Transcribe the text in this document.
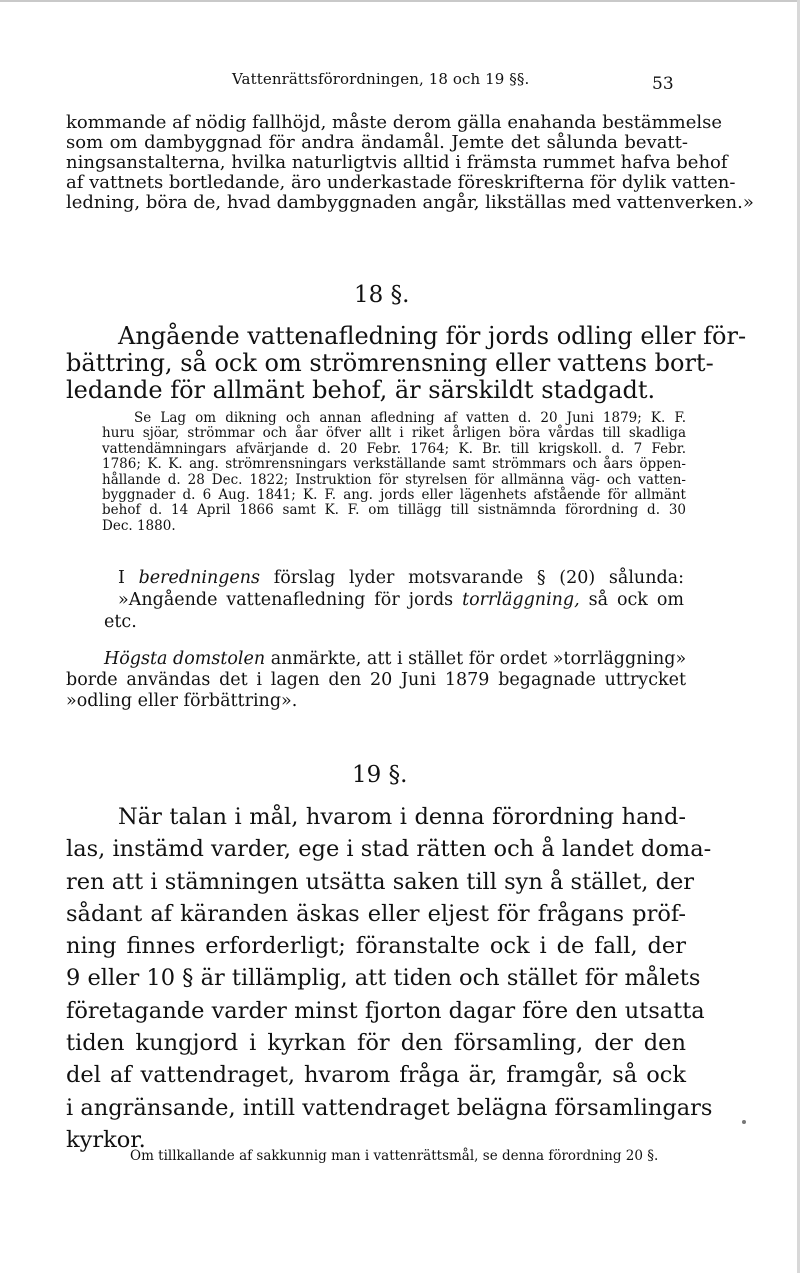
Vattenrättsförordningen, 18 och 19 §§.	53
kommande af nödig fallhöjd, måste derom gälla enahanda bestämmelse
som om dambyggnad för andra ändamål. Jemte det sålunda bevatt-
ningsanstalterna, hvilka naturligtvis alltid i främsta rummet hafva behof
af vattnets bortledande, äro underkastade föreskrifterna för dylik vatten-
ledning, böra de, hvad dambyggnaden angår, likställas med vattenverken.»
18 §.
Angående vattenafledning för jords odling eller för-
bättring, så ock om strömrensning eller vattens bort-
ledande för allmänt behof, är särskildt stadgadt.
Se Lag om dikning och annan afledning af vatten d. 20 Juni 1879; K. F.
huru sjöar, strömmar och åar öfver allt i riket årligen böra vårdas till skadliga
vattendämningars afvärjande d. 20 Febr. 1764; K. Br. till krigskoll. d. 7 Febr.
1786; K. K. ang. strömrensningars verkställande samt strömmars och åars öppen-
hållande d. 28 Dec. 1822; Instruktion för styrelsen för allmänna väg- och vatten-
byggnader d. 6 Aug. 1841; K. F. ang. jords eller lägenhets afstående för allmänt
behof d. 14 April 1866 samt K. F. om tillägg till sistnämnda förordning d. 30
Dec. 1880.
I beredningens förslag lyder motsvarande § (20) sålunda:
»Angående vattenafledning för jords torrläggning, så ock om
etc.
Högsta domstolen anmärkte, att i stället för ordet »torrläggning»
borde användas det i lagen den 20 Juni 1879 begagnade uttrycket
»odling eller förbättring».
19 §.
När talan i mål, hvarom i denna förordning hand-
las, instämd varder, ege i stad rätten och å landet doma-
ren att i stämningen utsätta saken till syn å stället, der
sådant af käranden äskas eller eljest för frågans pröf-
ning finnes erforderligt; föranstalte ock i de fall, der
9 eller 10 § är tillämplig, att tiden och stället för målets
företagande varder minst fjorton dagar före den utsatta
tiden kungjord i kyrkan för den församling, der den
del af vattendraget, hvarom fråga är, framgår, så ock
i angränsande, intill vattendraget belägna församlingars
kyrkor.
Om tillkallande af sakkunnig man i vattenrättsmål, se denna förordning 20 §.
